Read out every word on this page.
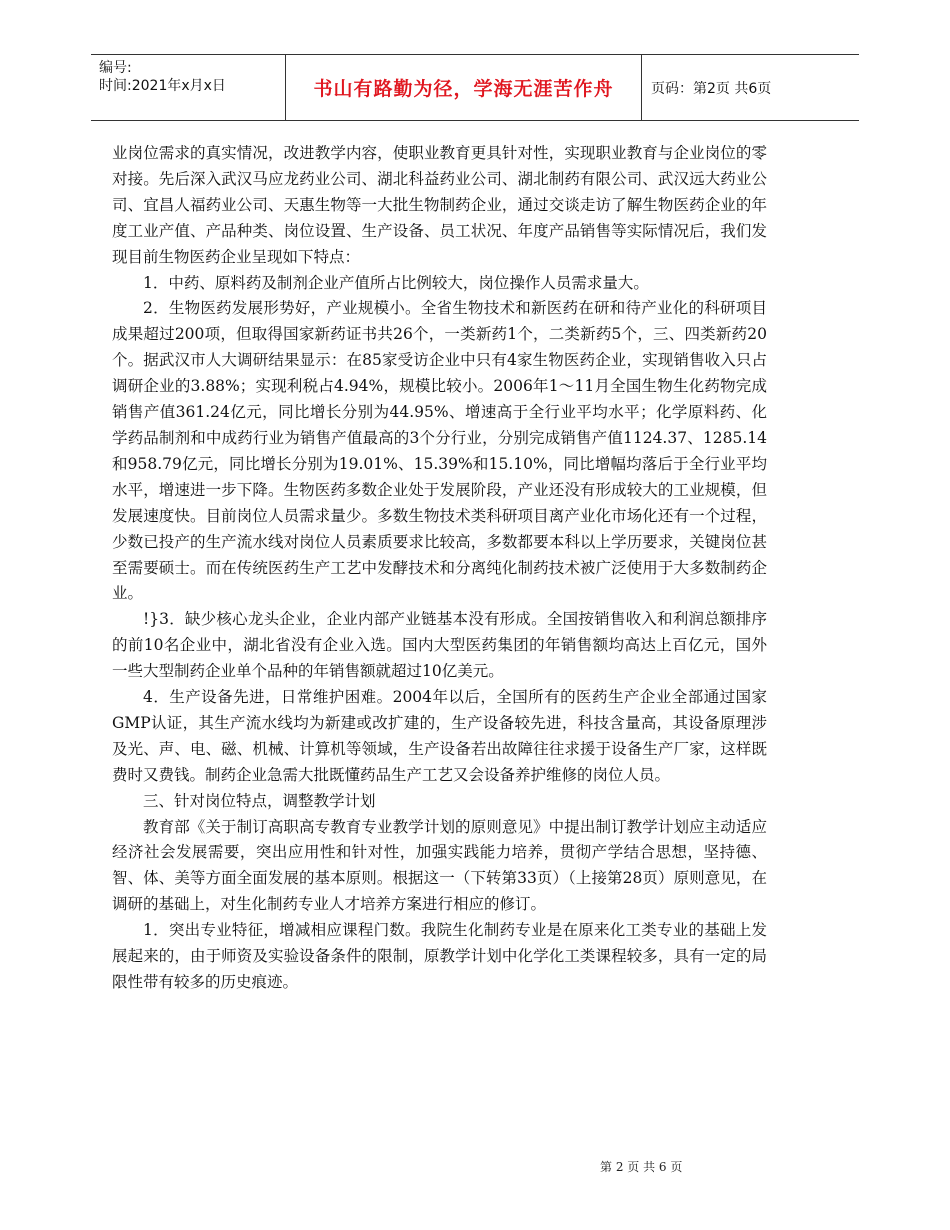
编号:
时间:2021年x月x日	书山有路勤为径，学海无涯苦作舟	页码：第2页 共6页

业岗位需求的真实情况，改进教学内容，使职业教育更具针对性，实现职业教育与企业岗位的零对接。先后深入武汉马应龙药业公司、湖北科益药业公司、湖北制药有限公司、武汉远大药业公司、宜昌人福药业公司、天惠生物等一大批生物制药企业，通过交谈走访了解生物医药企业的年度工业产值、产品种类、岗位设置、生产设备、员工状况、年度产品销售等实际情况后，我们发现目前生物医药企业呈现如下特点：

1．中药、原料药及制剂企业产值所占比例较大，岗位操作人员需求量大。

2．生物医药发展形势好，产业规模小。全省生物技术和新医药在研和待产业化的科研项目成果超过200项，但取得国家新药证书共26个，一类新药1个，二类新药5个，三、四类新药20个。据武汉市人大调研结果显示：在85家受访企业中只有4家生物医药企业，实现销售收入只占调研企业的3.88%；实现利税占4.94%，规模比较小。2006年1～11月全国生物生化药物完成销售产值361.24亿元，同比增长分别为44.95%、增速高于全行业平均水平；化学原料药、化学药品制剂和中成药行业为销售产值最高的3个分行业，分别完成销售产值1124.37、1285.14和958.79亿元，同比增长分别为19.01%、15.39%和15.10%，同比增幅均落后于全行业平均水平，增速进一步下降。生物医药多数企业处于发展阶段，产业还没有形成较大的工业规模，但发展速度快。目前岗位人员需求量少。多数生物技术类科研项目离产业化市场化还有一个过程，少数已投产的生产流水线对岗位人员素质要求比较高，多数都要本科以上学历要求，关键岗位甚至需要硕士。而在传统医药生产工艺中发酵技术和分离纯化制药技术被广泛使用于大多数制药企业。

!}3．缺少核心龙头企业，企业内部产业链基本没有形成。全国按销售收入和利润总额排序的前10名企业中，湖北省没有企业入选。国内大型医药集团的年销售额均高达上百亿元，国外一些大型制药企业单个品种的年销售额就超过10亿美元。

4．生产设备先进，日常维护困难。2004年以后，全国所有的医药生产企业全部通过国家GMP认证，其生产流水线均为新建或改扩建的，生产设备较先进，科技含量高，其设备原理涉及光、声、电、磁、机械、计算机等领域，生产设备若出故障往往求援于设备生产厂家，这样既费时又费钱。制药企业急需大批既懂药品生产工艺又会设备养护维修的岗位人员。

三、针对岗位特点，调整教学计划

教育部《关于制订高职高专教育专业教学计划的原则意见》中提出制订教学计划应主动适应经济社会发展需要，突出应用性和针对性，加强实践能力培养，贯彻产学结合思想，坚持德、智、体、美等方面全面发展的基本原则。根据这一（下转第33页）（上接第28页）原则意见，在调研的基础上，对生化制药专业人才培养方案进行相应的修订。

1．突出专业特征，增减相应课程门数。我院生化制药专业是在原来化工类专业的基础上发展起来的，由于师资及实验设备条件的限制，原教学计划中化学化工类课程较多，具有一定的局限性带有较多的历史痕迹。

第 2 页 共 6 页
